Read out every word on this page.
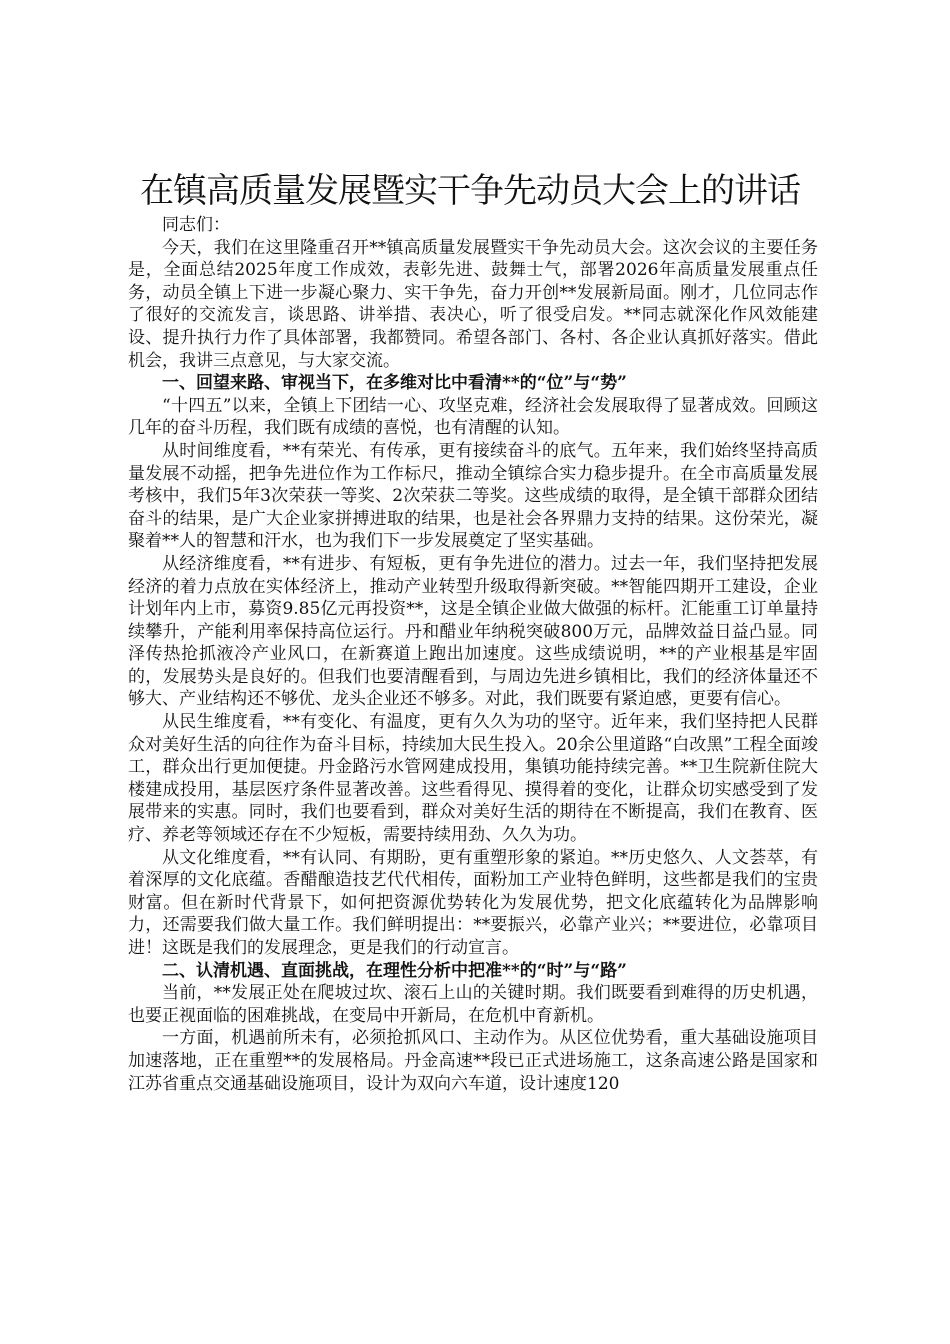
在镇高质量发展暨实干争先动员大会上的讲话

同志们：

今天，我们在这里隆重召开**镇高质量发展暨实干争先动员大会。这次会议的主要任务是，全面总结2025年度工作成效，表彰先进、鼓舞士气，部署2026年高质量发展重点任务，动员全镇上下进一步凝心聚力、实干争先，奋力开创**发展新局面。刚才，几位同志作了很好的交流发言，谈思路、讲举措、表决心，听了很受启发。**同志就深化作风效能建设、提升执行力作了具体部署，我都赞同。希望各部门、各村、各企业认真抓好落实。借此机会，我讲三点意见，与大家交流。

一、回望来路、审视当下，在多维对比中看清**的“位”与“势”

“十四五”以来，全镇上下团结一心、攻坚克难，经济社会发展取得了显著成效。回顾这几年的奋斗历程，我们既有成绩的喜悦，也有清醒的认知。

从时间维度看，**有荣光、有传承，更有接续奋斗的底气。五年来，我们始终坚持高质量发展不动摇，把争先进位作为工作标尺，推动全镇综合实力稳步提升。在全市高质量发展考核中，我们5年3次荣获一等奖、2次荣获二等奖。这些成绩的取得，是全镇干部群众团结奋斗的结果，是广大企业家拼搏进取的结果，也是社会各界鼎力支持的结果。这份荣光，凝聚着**人的智慧和汗水，也为我们下一步发展奠定了坚实基础。

从经济维度看，**有进步、有短板，更有争先进位的潜力。过去一年，我们坚持把发展经济的着力点放在实体经济上，推动产业转型升级取得新突破。**智能四期开工建设，企业计划年内上市，募资9.85亿元再投资**，这是全镇企业做大做强的标杆。汇能重工订单量持续攀升，产能利用率保持高位运行。丹和醋业年纳税突破800万元，品牌效益日益凸显。同泽传热抢抓液冷产业风口，在新赛道上跑出加速度。这些成绩说明，**的产业根基是牢固的，发展势头是良好的。但我们也要清醒看到，与周边先进乡镇相比，我们的经济体量还不够大、产业结构还不够优、龙头企业还不够多。对此，我们既要有紧迫感，更要有信心。

从民生维度看，**有变化、有温度，更有久久为功的坚守。近年来，我们坚持把人民群众对美好生活的向往作为奋斗目标，持续加大民生投入。20余公里道路“白改黑”工程全面竣工，群众出行更加便捷。丹金路污水管网建成投用，集镇功能持续完善。**卫生院新住院大楼建成投用，基层医疗条件显著改善。这些看得见、摸得着的变化，让群众切实感受到了发展带来的实惠。同时，我们也要看到，群众对美好生活的期待在不断提高，我们在教育、医疗、养老等领域还存在不少短板，需要持续用劲、久久为功。

从文化维度看，**有认同、有期盼，更有重塑形象的紧迫。**历史悠久、人文荟萃，有着深厚的文化底蕴。香醋酿造技艺代代相传，面粉加工产业特色鲜明，这些都是我们的宝贵财富。但在新时代背景下，如何把资源优势转化为发展优势，把文化底蕴转化为品牌影响力，还需要我们做大量工作。我们鲜明提出：**要振兴，必靠产业兴；**要进位，必靠项目进！这既是我们的发展理念，更是我们的行动宣言。

二、认清机遇、直面挑战，在理性分析中把准**的“时”与“路”

当前，**发展正处在爬坡过坎、滚石上山的关键时期。我们既要看到难得的历史机遇，也要正视面临的困难挑战，在变局中开新局，在危机中育新机。

一方面，机遇前所未有，必须抢抓风口、主动作为。从区位优势看，重大基础设施项目加速落地，正在重塑**的发展格局。丹金高速**段已正式进场施工，这条高速公路是国家和江苏省重点交通基础设施项目，设计为双向六车道，设计速度120
